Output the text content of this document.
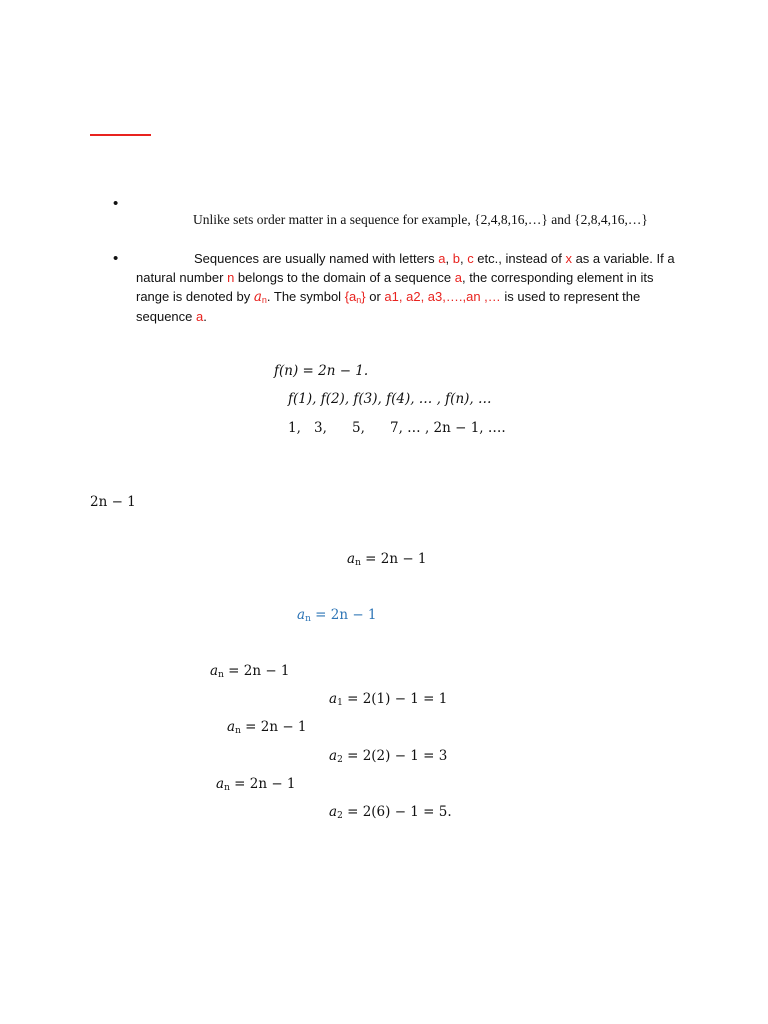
•
Unlike sets order matter in a sequence for example, {2,4,8,16,…} and {2,8,4,16,…}
•	Sequences are usually named with letters a, b, c etc., instead of x as a variable. If a
natural number n belongs to the domain of a sequence a, the corresponding element in its
range is denoted by $a_n$. The symbol $\{a_n\}$ or a1, a2, a3,….,an ,… is used to represent the
sequence a.
f(n) = 2n − 1.
f(1), f(2), f(3), f(4), … , f(n), …
1, 3, 5, 7, … , 2n − 1, ….
2n − 1
$a_n = 2n - 1$
$a_n = 2n - 1$
$a_n = 2n - 1$
$a_1 = 2(1) - 1 = 1$
$a_n = 2n - 1$
$a_2 = 2(2) - 1 = 3$
$a_n = 2n - 1$
$a_2 = 2(6) - 1 = 5$.
